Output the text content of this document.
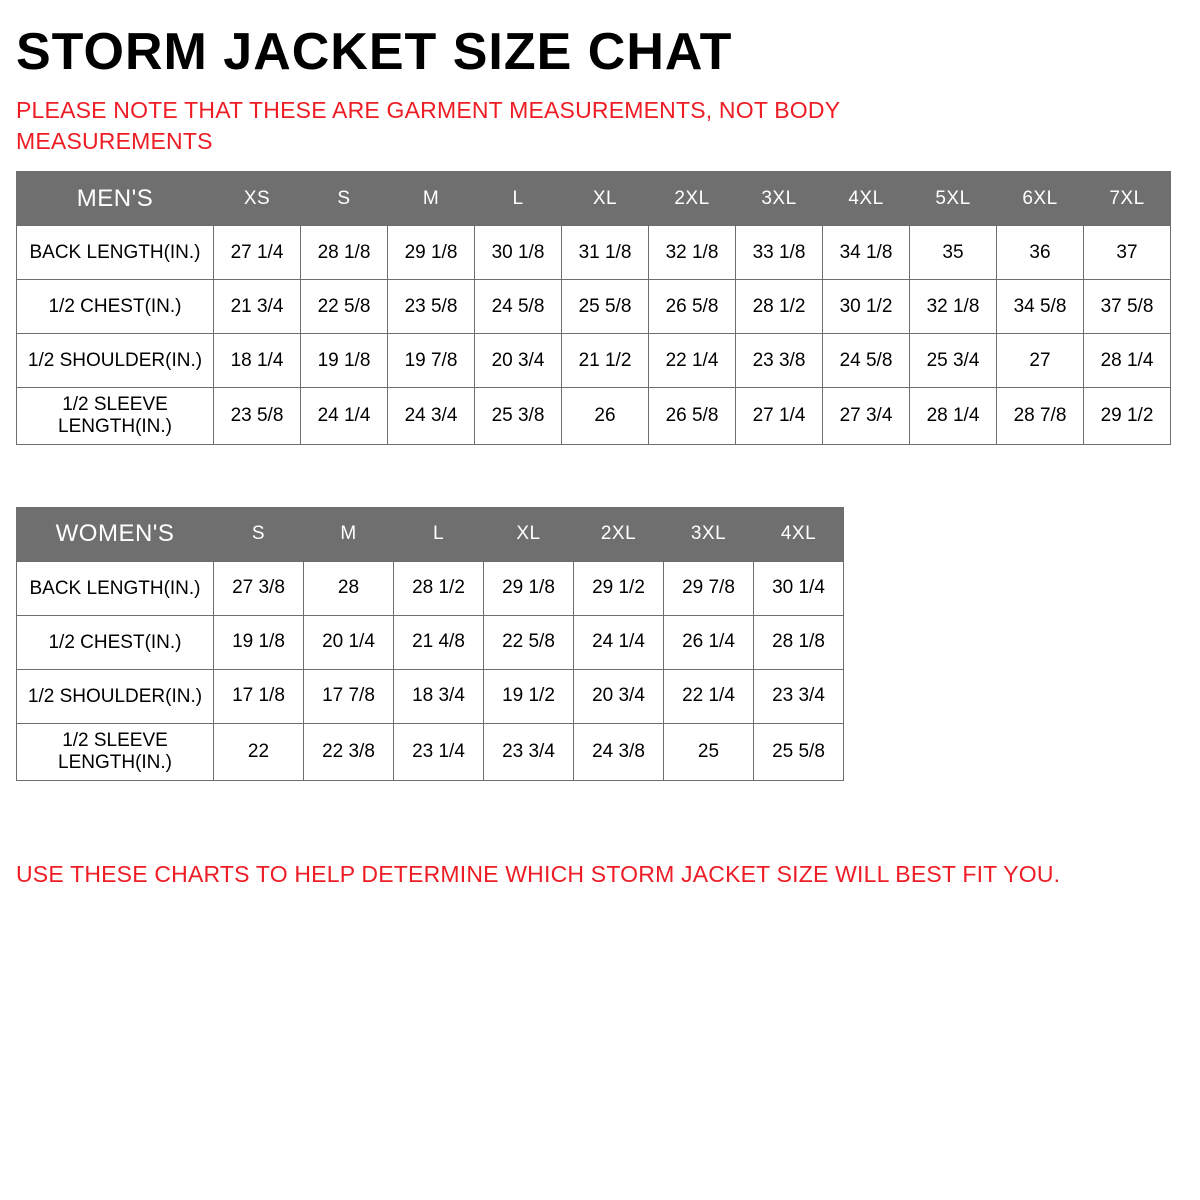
STORM JACKET SIZE CHAT
PLEASE NOTE THAT THESE ARE GARMENT MEASUREMENTS, NOT BODY MEASUREMENTS
MEN'S	XS	S	M	L	XL	2XL	3XL	4XL	5XL	6XL	7XL
BACK LENGTH(IN.)	27 1/4	28 1/8	29 1/8	30 1/8	31 1/8	32 1/8	33 1/8	34 1/8	35	36	37
1/2 CHEST(IN.)	21 3/4	22 5/8	23 5/8	24 5/8	25 5/8	26 5/8	28 1/2	30 1/2	32 1/8	34 5/8	37 5/8
1/2 SHOULDER(IN.)	18 1/4	19 1/8	19 7/8	20 3/4	21 1/2	22 1/4	23 3/8	24 5/8	25 3/4	27	28 1/4
1/2 SLEEVE LENGTH(IN.)	23 5/8	24 1/4	24 3/4	25 3/8	26	26 5/8	27 1/4	27 3/4	28 1/4	28 7/8	29 1/2
WOMEN'S	S	M	L	XL	2XL	3XL	4XL
BACK LENGTH(IN.)	27 3/8	28	28 1/2	29 1/8	29 1/2	29 7/8	30 1/4
1/2 CHEST(IN.)	19 1/8	20 1/4	21 4/8	22 5/8	24 1/4	26 1/4	28 1/8
1/2 SHOULDER(IN.)	17 1/8	17 7/8	18 3/4	19 1/2	20 3/4	22 1/4	23 3/4
1/2 SLEEVE LENGTH(IN.)	22	22 3/8	23 1/4	23 3/4	24 3/8	25	25 5/8
USE THESE CHARTS TO HELP DETERMINE WHICH STORM JACKET SIZE WILL BEST FIT YOU.
